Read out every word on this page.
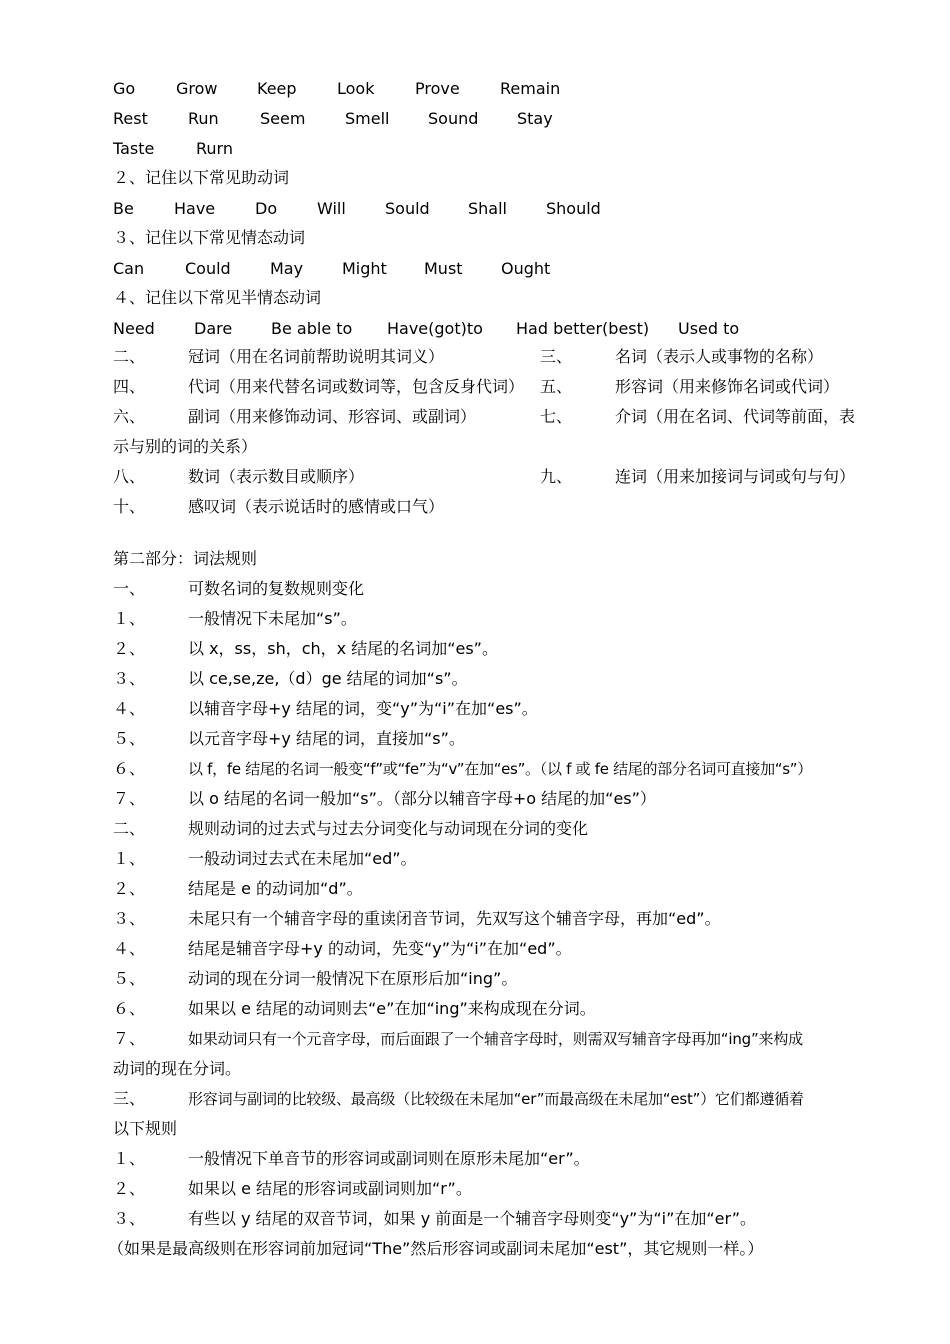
Go	Grow Keep	Look	Prove	Remain
Rest	Run	Seem Smell Sound Stay
Taste	Rurn
２、记住以下常见助动词
Be	Have Do Will Sould Shall Should
３、记住以下常见情态动词
Can	Could May Might Must Ought
４、记住以下常见半情态动词
Need Dare Be able to Have(got)to Had better(best) Used to
二、	冠词（用在名词前帮助说明其词义）	三、	名词（表示人或事物的名称）
四、	代词（用来代替名词或数词等，包含反身代词） 五、	形容词（用来修饰名词或代词）
六、	副词（用来修饰动词、形容词、或副词）	七、	介词（用在名词、代词等前面，表
示与别的词的关系）
八、	数词（表示数目或顺序）	九、	连词（用来加接词与词或句与句）
十、	感叹词（表示说话时的感情或口气）
第二部分：词法规则
一、	可数名词的复数规则变化
１、	一般情况下未尾加“s”。
２、	以 x，ss，sh，ch，x 结尾的名词加“es”。
３、	以 ce,se,ze,（d）ge 结尾的词加“s”。
４、	以辅音字母+y 结尾的词，变“y”为“i”在加“es”。
５、	以元音字母+y 结尾的词，直接加“s”。
６、	以 f，fe 结尾的名词一般变“f”或“fe”为“v”在加“es”。（以 f 或 fe 结尾的部分名词可直接加“s”）
７、	以 o 结尾的名词一般加“s”。（部分以辅音字母+o 结尾的加“es”）
二、	规则动词的过去式与过去分词变化与动词现在分词的变化
１、	一般动词过去式在未尾加“ed”。
２、	结尾是 e 的动词加“d”。
３、	未尾只有一个辅音字母的重读闭音节词，先双写这个辅音字母，再加“ed”。
４、	结尾是辅音字母+y 的动词，先变“y”为“i”在加“ed”。
５、	动词的现在分词一般情况下在原形后加“ing”。
６、	如果以 e 结尾的动词则去“e”在加“ing”来构成现在分词。
７、	如果动词只有一个元音字母，而后面跟了一个辅音字母时，则需双写辅音字母再加“ing”来构成
动词的现在分词。
三、	形容词与副词的比较级、最高级（比较级在未尾加“er”而最高级在未尾加“est”）它们都遵循着
以下规则
１、	一般情况下单音节的形容词或副词则在原形未尾加“er”。
２、	如果以 e 结尾的形容词或副词则加“r”。
３、	有些以 y 结尾的双音节词，如果 y 前面是一个辅音字母则变“y”为“i”在加“er”。
（如果是最高级则在形容词前加冠词“The”然后形容词或副词未尾加“est”，其它规则一样。）
